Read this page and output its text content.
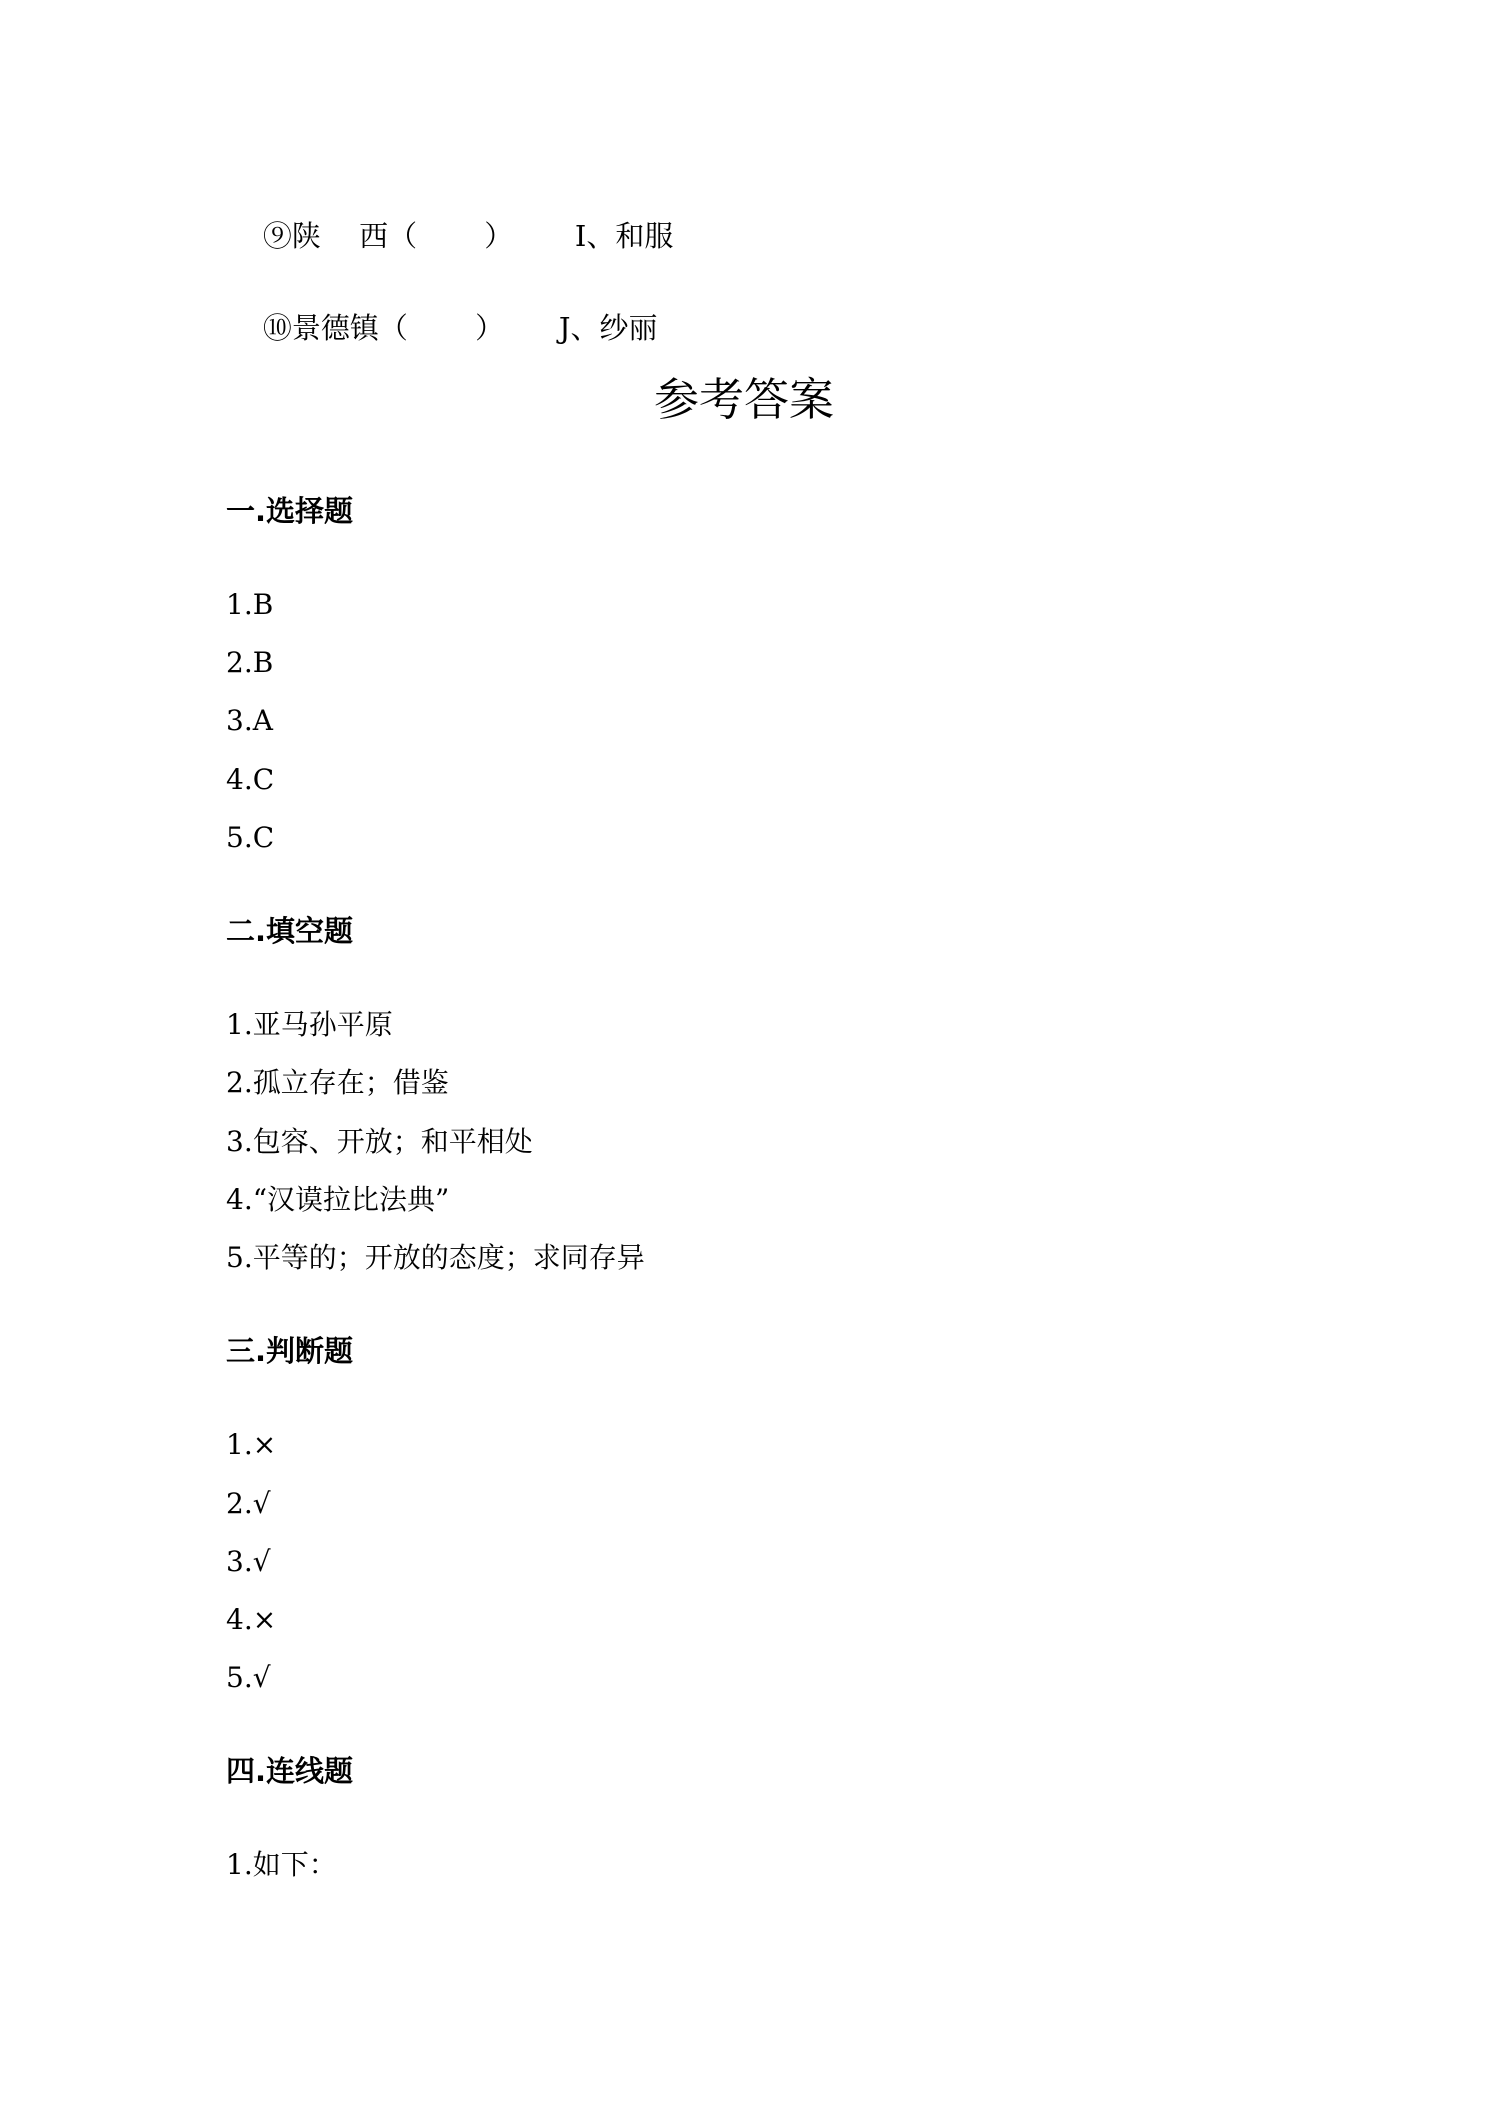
⑨陕　 西（　　 ） I、和服

⑩景德镇（　　 ） J、纱丽

参考答案
一.选择题
1.B
2.B
3.A
4.C
5.C
二.填空题
1.亚马孙平原
2.孤立存在；借鉴
3.包容、开放；和平相处
4.“汉谟拉比法典”
5.平等的；开放的态度；求同存异
三.判断题
1.×
2.√
3.√
4.×
5.√
四.连线题
1.如下：
